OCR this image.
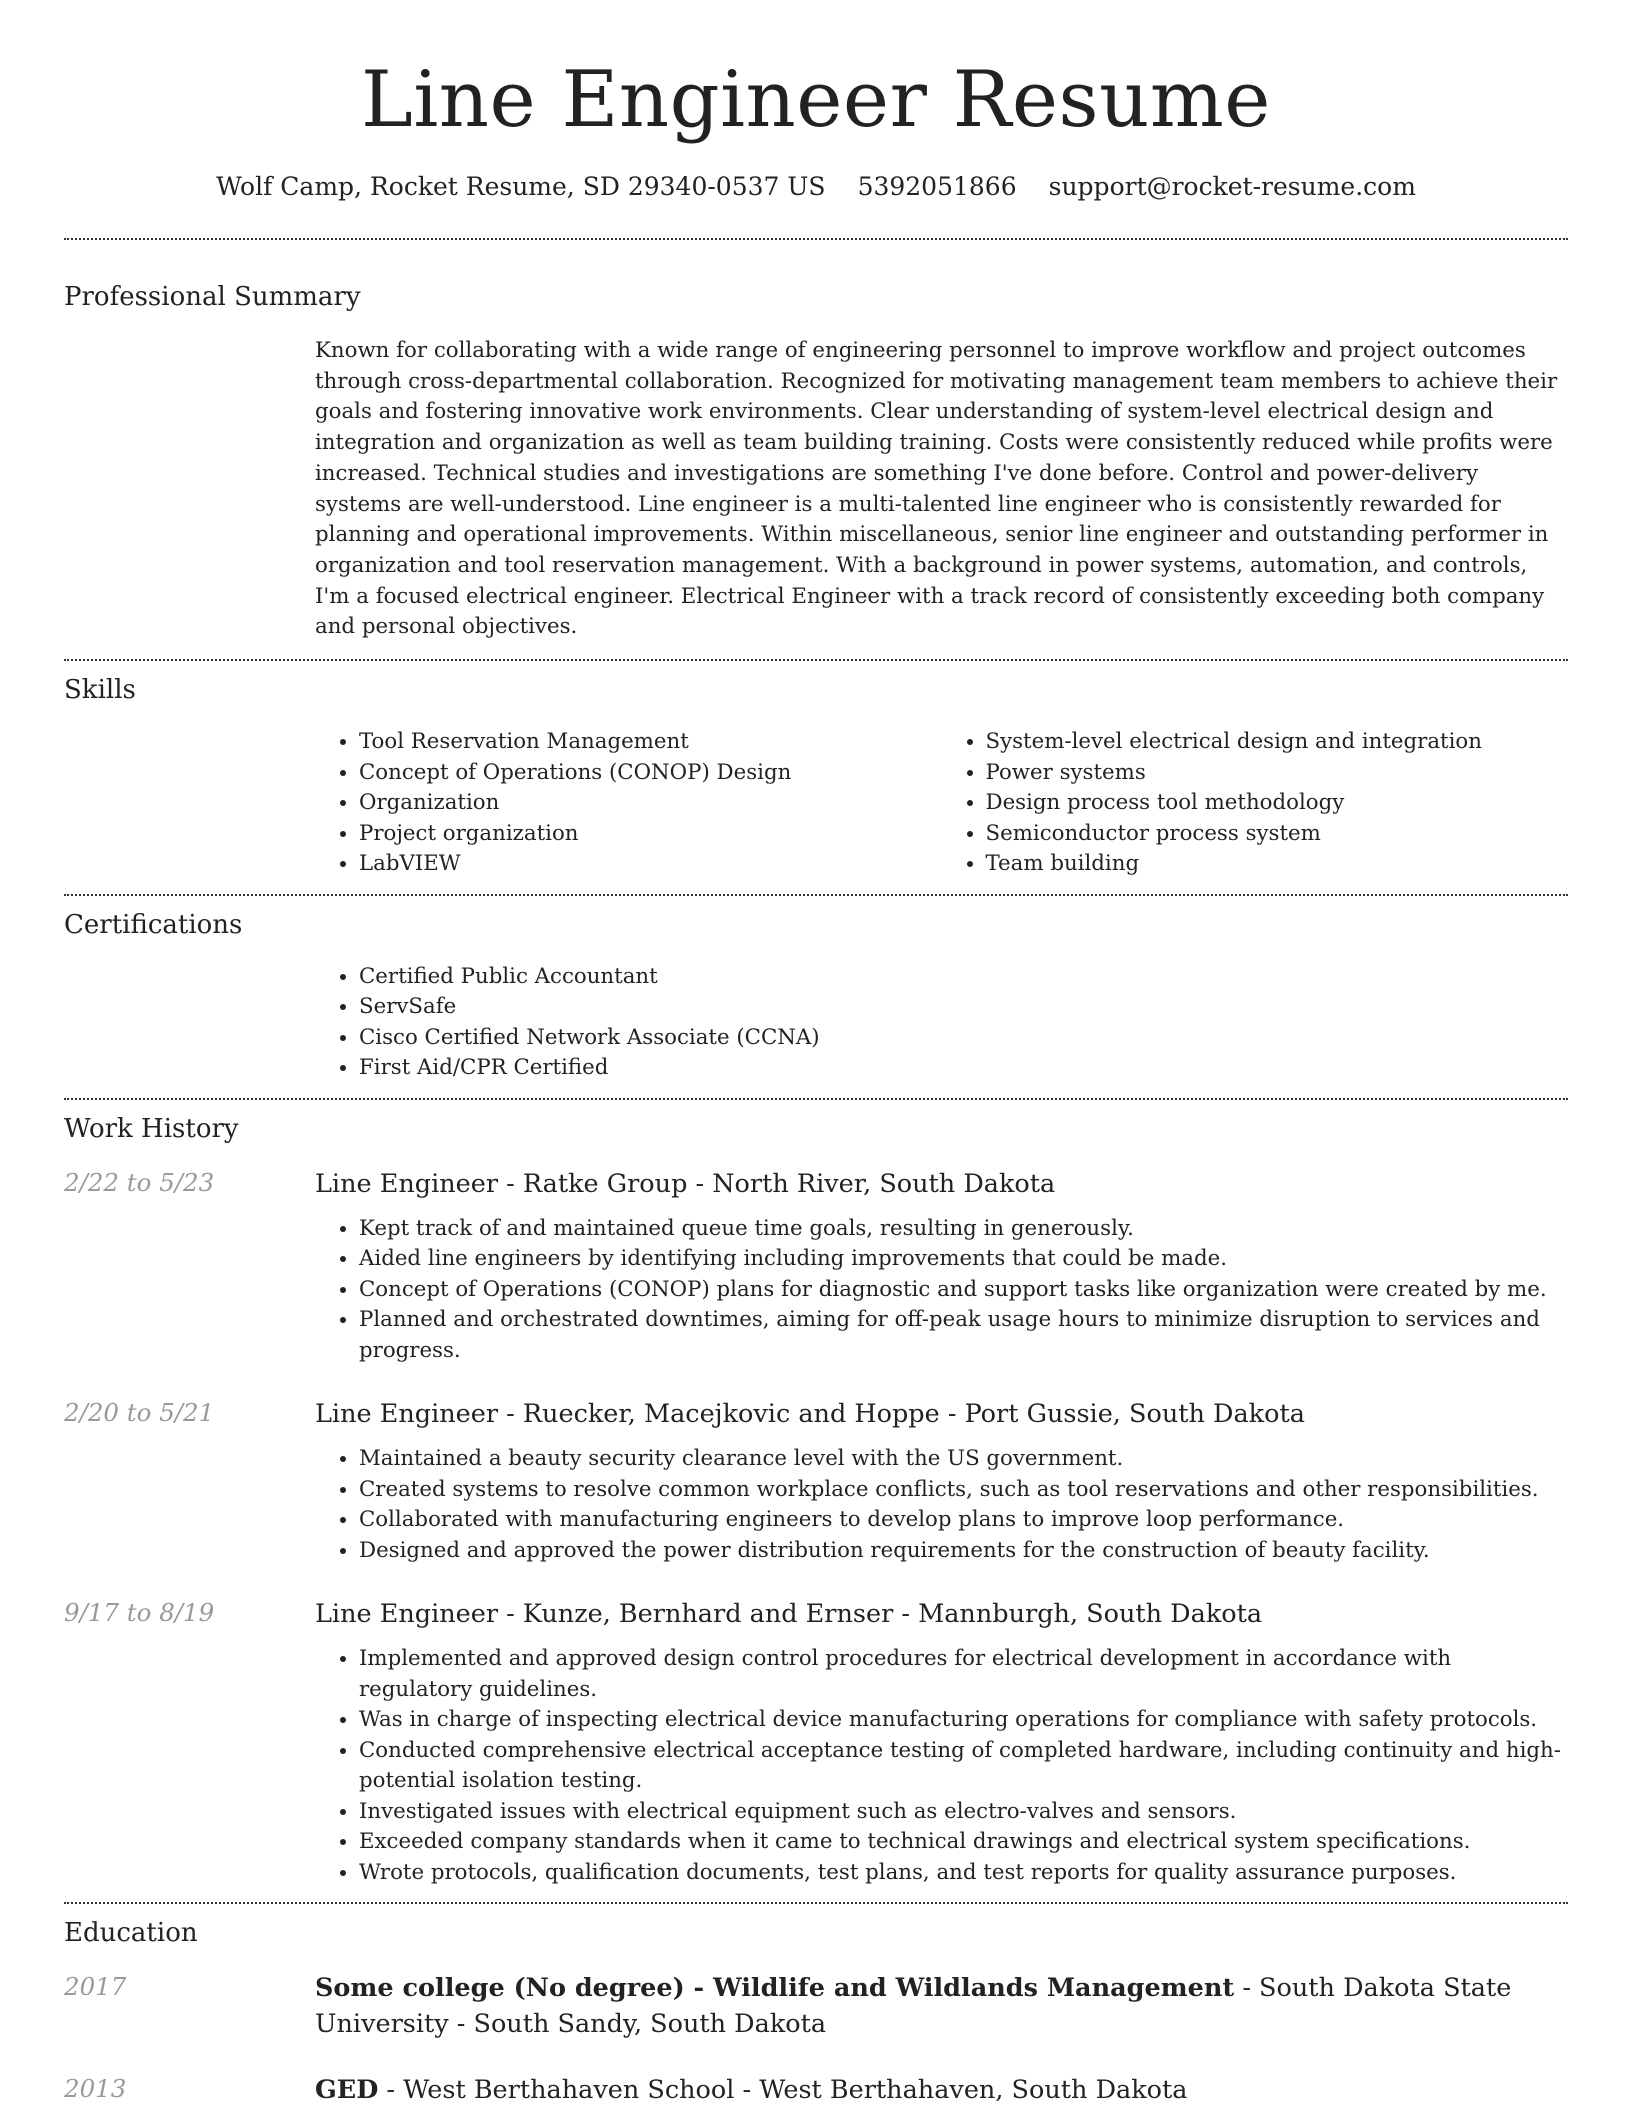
Line Engineer Resume
Wolf Camp, Rocket Resume, SD 29340-0537 US 5392051866 support@rocket-resume.com
Professional Summary

Known for collaborating with a wide range of engineering personnel to improve workflow and project outcomes through cross-departmental collaboration. Recognized for motivating management team members to achieve their goals and fostering innovative work environments. Clear understanding of system-level electrical design and integration and organization as well as team building training. Costs were consistently reduced while profits were increased. Technical studies and investigations are something I've done before. Control and power-delivery systems are well-understood. Line engineer is a multi-talented line engineer who is consistently rewarded for planning and operational improvements. Within miscellaneous, senior line engineer and outstanding performer in organization and tool reservation management. With a background in power systems, automation, and controls, I'm a focused electrical engineer. Electrical Engineer with a track record of consistently exceeding both company and personal objectives.

Skills
• Tool Reservation Management
• Concept of Operations (CONOP) Design
• Organization
• Project organization
• LabVIEW
• System-level electrical design and integration
• Power systems
• Design process tool methodology
• Semiconductor process system
• Team building
Certifications
• Certified Public Accountant
• ServSafe
• Cisco Certified Network Associate (CCNA)
• First Aid/CPR Certified
Work History
2/22 to 5/23	Line Engineer - Ratke Group - North River, South Dakota
• Kept track of and maintained queue time goals, resulting in generously.
• Aided line engineers by identifying including improvements that could be made.
• Concept of Operations (CONOP) plans for diagnostic and support tasks like organization were created by me.
• Planned and orchestrated downtimes, aiming for off-peak usage hours to minimize disruption to services and progress.
2/20 to 5/21	Line Engineer - Ruecker, Macejkovic and Hoppe - Port Gussie, South Dakota
• Maintained a beauty security clearance level with the US government.
• Created systems to resolve common workplace conflicts, such as tool reservations and other responsibilities.
• Collaborated with manufacturing engineers to develop plans to improve loop performance.
• Designed and approved the power distribution requirements for the construction of beauty facility.
9/17 to 8/19	Line Engineer - Kunze, Bernhard and Ernser - Mannburgh, South Dakota
• Implemented and approved design control procedures for electrical development in accordance with regulatory guidelines.
• Was in charge of inspecting electrical device manufacturing operations for compliance with safety protocols.
• Conducted comprehensive electrical acceptance testing of completed hardware, including continuity and high-potential isolation testing.
• Investigated issues with electrical equipment such as electro-valves and sensors.
• Exceeded company standards when it came to technical drawings and electrical system specifications.
• Wrote protocols, qualification documents, test plans, and test reports for quality assurance purposes.
Education
2017	Some college (No degree) - Wildlife and Wildlands Management - South Dakota State University - South Sandy, South Dakota
2013	GED - West Berthahaven School - West Berthahaven, South Dakota
